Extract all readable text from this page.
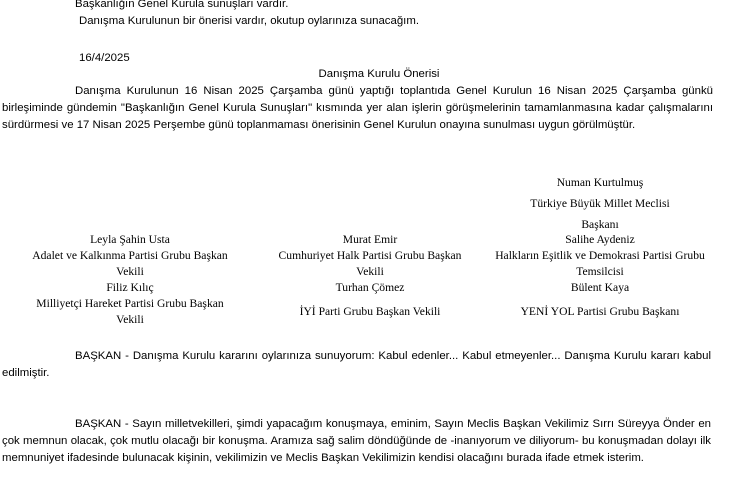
Başkanlığın Genel Kurula sunuşları vardır.
Danışma Kurulunun bir önerisi vardır, okutup oylarınıza sunacağım.
16/4/2025
Danışma Kurulu Önerisi
Danışma Kurulunun 16 Nisan 2025 Çarşamba günü yaptığı toplantıda Genel Kurulun 16 Nisan 2025 Çarşamba günkü birleşiminde gündemin "Başkanlığın Genel Kurula Sunuşları" kısmında yer alan işlerin görüşmelerinin tamamlanmasına kadar çalışmalarını sürdürmesi ve 17 Nisan 2025 Perşembe günü toplanmaması önerisinin Genel Kurulun onayına sunulması uygun görülmüştür.
Numan Kurtulmuş
Türkiye Büyük Millet Meclisi
Başkanı
Leyla Şahin Usta
Adalet ve Kalkınma Partisi Grubu Başkan
Vekili
Filiz Kılıç
Milliyetçi Hareket Partisi Grubu Başkan
Vekili
Murat Emir
Cumhuriyet Halk Partisi Grubu Başkan
Vekili
Turhan Çömez
İYİ Parti Grubu Başkan Vekili
Salihe Aydeniz
Halkların Eşitlik ve Demokrasi Partisi Grubu
Temsilcisi
Bülent Kaya
YENİ YOL Partisi Grubu Başkanı
BAŞKAN - Danışma Kurulu kararını oylarınıza sunuyorum: Kabul edenler... Kabul etmeyenler... Danışma Kurulu kararı kabul edilmiştir.
BAŞKAN - Sayın milletvekilleri, şimdi yapacağım konuşmaya, eminim, Sayın Meclis Başkan Vekilimiz Sırrı Süreyya Önder en çok memnun olacak, çok mutlu olacağı bir konuşma. Aramıza sağ salim döndüğünde de -inanıyorum ve diliyorum- bu konuşmadan dolayı ilk memnuniyet ifadesinde bulunacak kişinin, vekilimizin ve Meclis Başkan Vekilimizin kendisi olacağını burada ifade etmek isterim.
